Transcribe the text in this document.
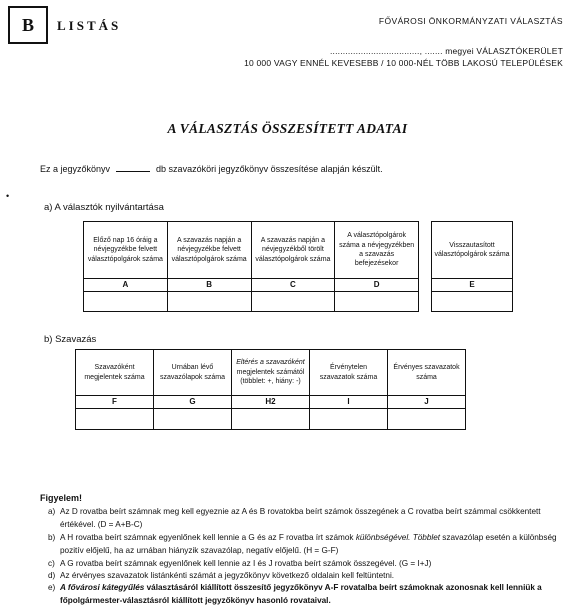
B	LISTÁS	FŐVÁROSI ÖNKORMÁNYZATI VÁLASZTÁS
..................................., ....... megyei VÁLASZTÓKERÜLET
10 000 VAGY ENNÉL KEVESEBB / 10 000-NÉL TÖBB LAKOSÚ TELEPÜLÉSEK
A VÁLASZTÁS ÖSSZESÍTETT ADATAI
Ez a jegyzőkönyv	db szavazóköri jegyzőkönyv összesítése alapján készült.
•
a) A választók nyilvántartása
Előző nap 16 óráig a névjegyzékbe felvett választópolgárok száma	A szavazás napján a névjegyzékbe felvett választópolgárok száma	A szavazás napján a névjegyzékből törölt választópolgárok száma	A választópolgárok száma a névjegyzékben a szavazás befejezésekor
A	B	C	D

Visszautasított választópolgárok száma
E

b) Szavazás
Szavazóként megjelentek száma	Urnában lévő szavazólapok száma	Eltérés a szavazóként
megjelentek számától (többlet: +, hiány: -)	Érvénytelen szavazatok száma	Érvényes szavazatok száma
F	G	H2	I	J

Figyelem!
a) Az D rovatba beírt számnak meg kell egyeznie az A és B rovatokba beírt számok összegének a C rovatba beírt számmal csökkentett értékével. (D = A+B-C)
b) A H rovatba beírt számnak egyenlőnek kell lennie a G és az F rovatba írt számok különbségével. Többlet szavazólap esetén a különbség pozitív előjelű, ha az urnában hiányzik szavazólap, negatív előjelű. (H = G-F)
c) A G rovatba beírt számnak egyenlőnek kell lennie az I és J rovatba beírt számok összegével. (G = I+J)
d) Az érvényes szavazatok listánkénti számát a jegyzőkönyv következő oldalain kell feltüntetni.
e) A fővárosi kátegyűlés választásáról kiállított összesítő jegyzőkönyv A-F rovatalba beírt számoknak azonosnak kell lenniük a főpolgármester-választásról kiállított jegyzőkönyv hasonló rovataival.
